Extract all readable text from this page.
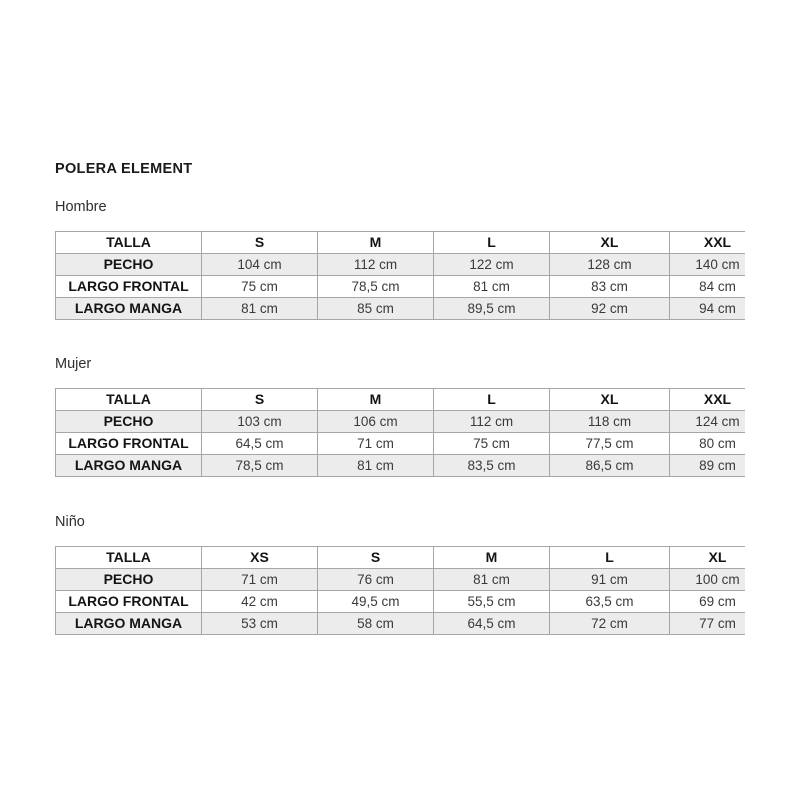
POLERA ELEMENT
Hombre
TALLA	S	M	L	XL	XXL
PECHO	104 cm	112 cm	122 cm	128 cm	140 cm
LARGO FRONTAL	75 cm	78,5 cm	81 cm	83 cm	84 cm
LARGO MANGA	81 cm	85 cm	89,5 cm	92 cm	94 cm
Mujer
TALLA	S	M	L	XL	XXL
PECHO	103 cm	106 cm	112 cm	118 cm	124 cm
LARGO FRONTAL	64,5 cm	71 cm	75 cm	77,5 cm	80 cm
LARGO MANGA	78,5 cm	81 cm	83,5 cm	86,5 cm	89 cm
Niño
TALLA	XS	S	M	L	XL
PECHO	71 cm	76 cm	81 cm	91 cm	100 cm
LARGO FRONTAL	42 cm	49,5 cm	55,5 cm	63,5 cm	69 cm
LARGO MANGA	53 cm	58 cm	64,5 cm	72 cm	77 cm
